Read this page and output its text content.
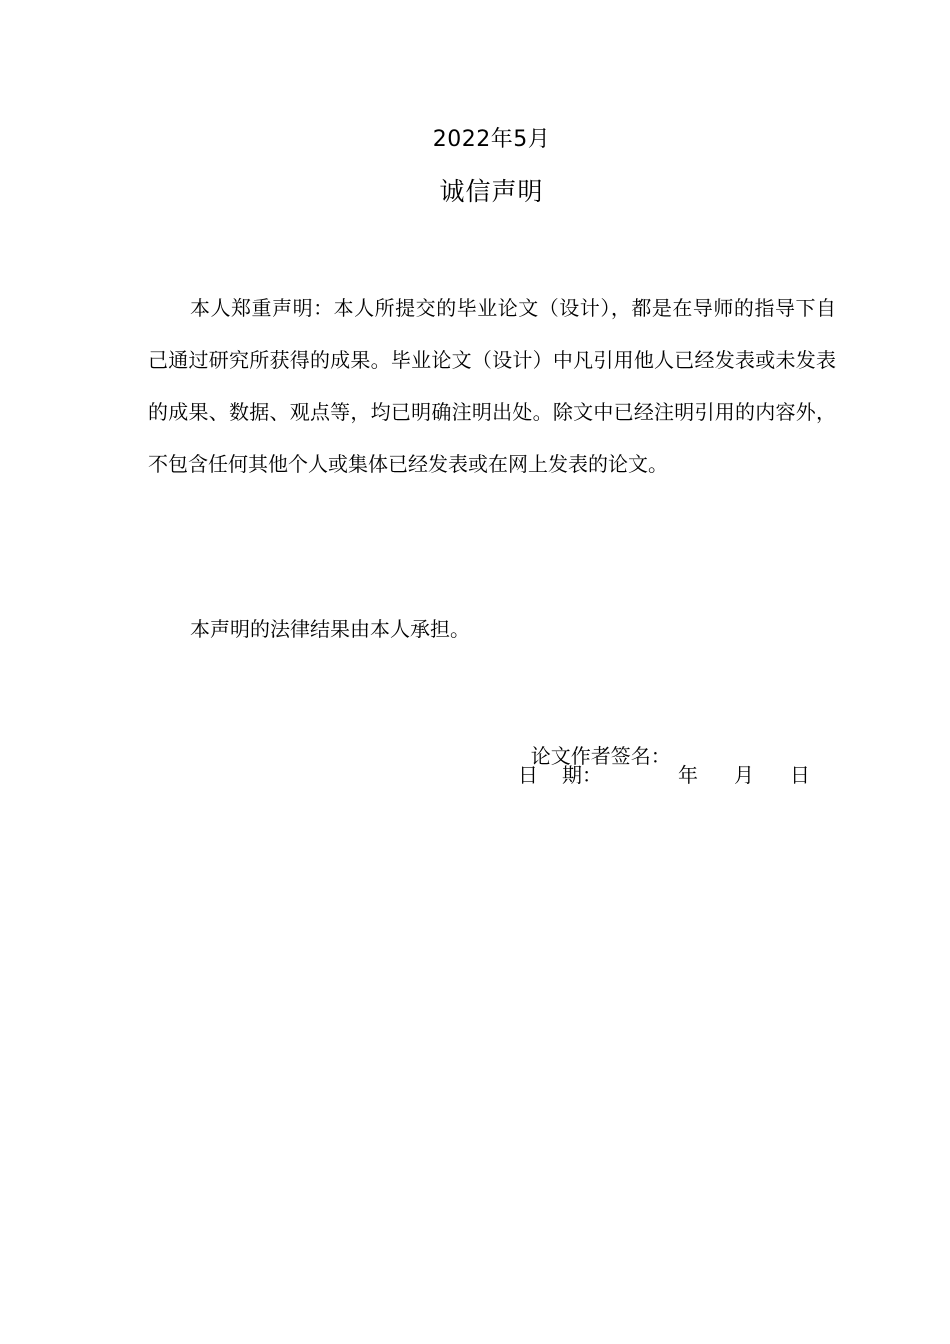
2022年5月
诚信声明

本人郑重声明：本人所提交的毕业论文（设计），都是在导师的指导下自己通过研究所获得的成果。毕业论文（设计）中凡引用他人已经发表或未发表的成果、数据、观点等，均已明确注明出处。除文中已经注明引用的内容外，不包含任何其他个人或集体已经发表或在网上发表的论文。

本声明的法律结果由本人承担。

论文作者签名：

日 期：	年 月 日
